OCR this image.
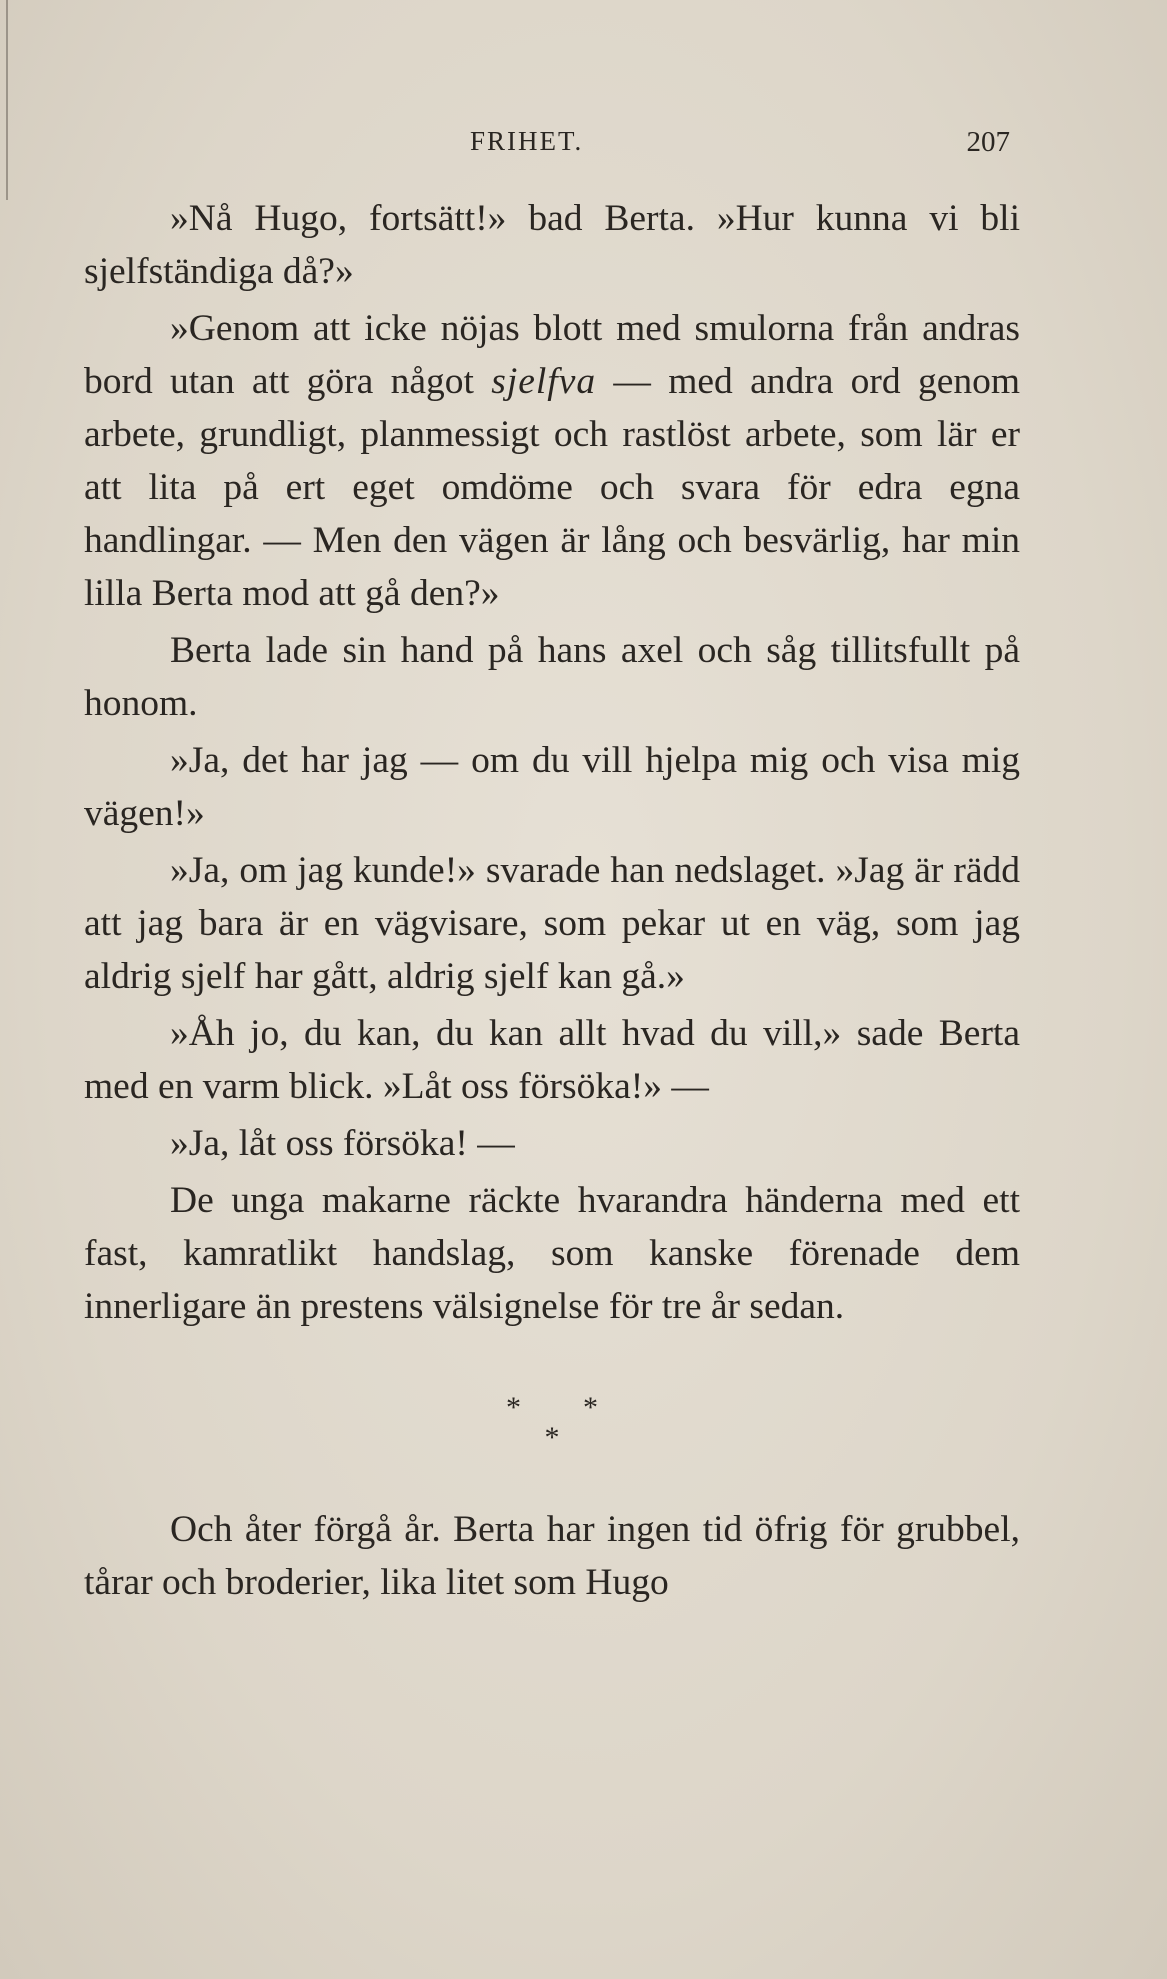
FRIHET.	207

»Nå Hugo, fortsätt!» bad Berta. »Hur kunna vi bli sjelfständiga då?»

»Genom att icke nöjas blott med smulorna från andras bord utan att göra något sjelfva — med andra ord genom arbete, grundligt, planmessigt och rastlöst arbete, som lär er att lita på ert eget omdöme och svara för edra egna handlingar. — Men den vägen är lång och besvärlig, har min lilla Berta mod att gå den?»

Berta lade sin hand på hans axel och såg tillitsfullt på honom.

»Ja, det har jag — om du vill hjelpa mig och visa mig vägen!»

»Ja, om jag kunde!» svarade han nedslaget. »Jag är rädd att jag bara är en vägvisare, som pekar ut en väg, som jag aldrig sjelf har gått, aldrig sjelf kan gå.»

»Åh jo, du kan, du kan allt hvad du vill,» sade Berta med en varm blick. »Låt oss försöka!» —

»Ja, låt oss försöka! —

De unga makarne räckte hvarandra händerna med ett fast, kamratlikt handslag, som kanske förenade dem innerligare än prestens välsignelse för tre år sedan.

* *
*

Och åter förgå år. Berta har ingen tid öfrig för grubbel, tårar och broderier, lika litet som Hugo
